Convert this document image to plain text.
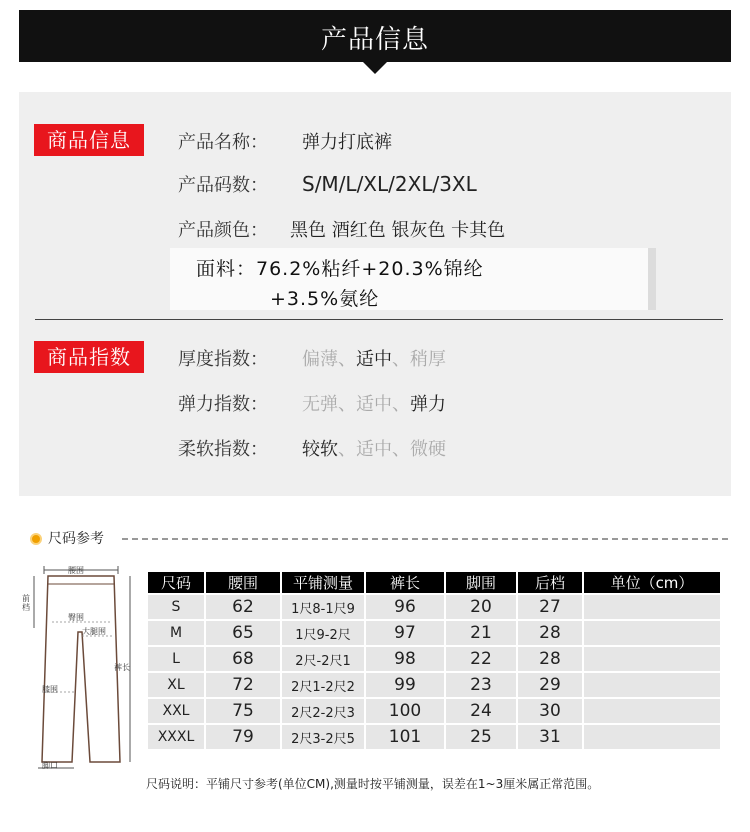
产品信息
商品信息	产品名称： 弹力打底裤
产品码数： S/M/L/XL/2XL/3XL
产品颜色： 黑色 酒红色 银灰色 卡其色
面料：76.2%粘纤+20.3%锦纶
+3.5%氨纶
商品指数	厚度指数： 偏薄、适中、稍厚
弹力指数： 无弹、适中、弹力
柔软指数： 较软、适中、微硬
尺码参考
腰围
前档
臀围
大腿围
裤长
膝围
脚口
尺码	腰围	平铺测量	裤长	脚围	后档	单位（cm）
S	62	1尺8-1尺9	96	20	27	
M	65	1尺9-2尺	97	21	28	
L	68	2尺-2尺1	98	22	28	
XL	72	2尺1-2尺2	99	23	29	
XXL	75	2尺2-2尺3	100	24	30	
XXXL	79	2尺3-2尺5	101	25	31	
尺码说明：平铺尺寸参考(单位CM),测量时按平铺测量，误差在1~3厘米属正常范围。
